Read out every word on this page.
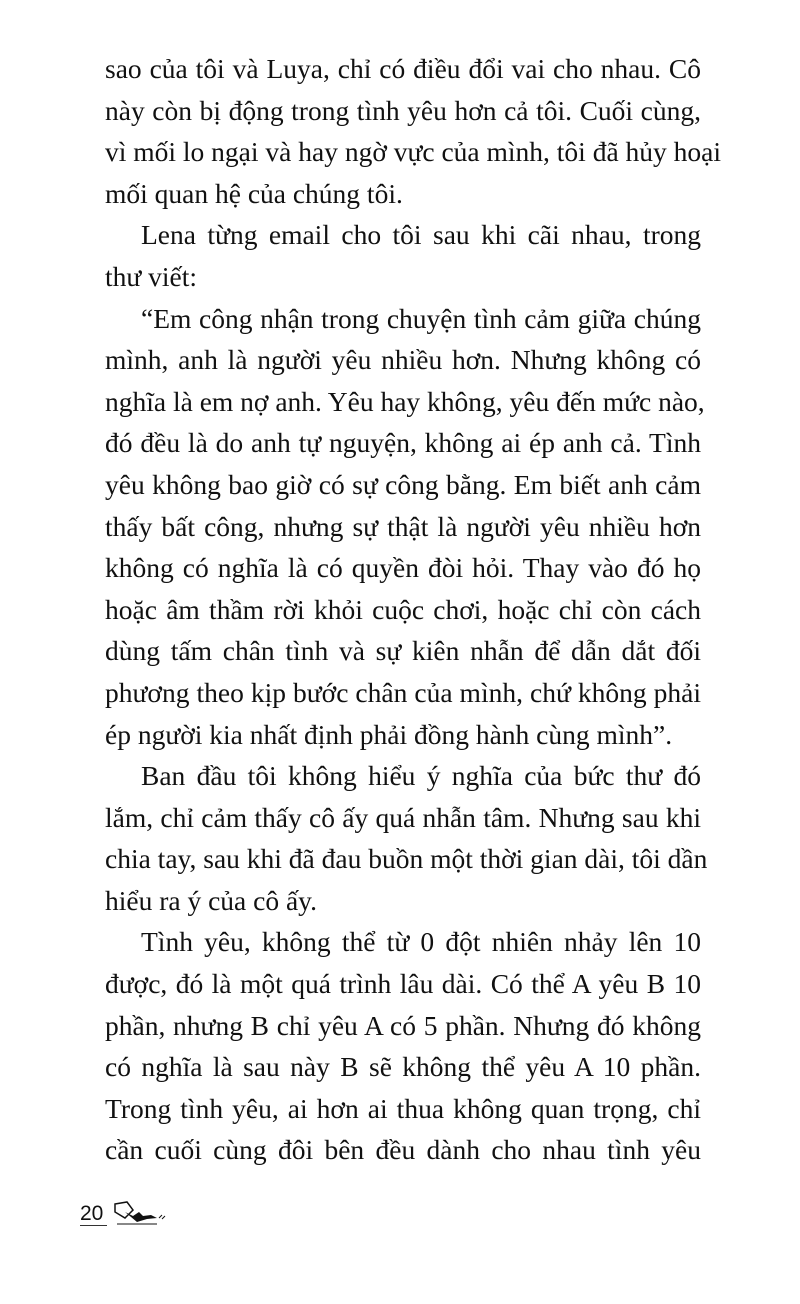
sao của tôi và Luya, chỉ có điều đổi vai cho nhau. Cô
này còn bị động trong tình yêu hơn cả tôi. Cuối cùng,
vì mối lo ngại và hay ngờ vực của mình, tôi đã hủy hoại
mối quan hệ của chúng tôi.
Lena từng email cho tôi sau khi cãi nhau, trong
thư viết:
“Em công nhận trong chuyện tình cảm giữa chúng
mình, anh là người yêu nhiều hơn. Nhưng không có
nghĩa là em nợ anh. Yêu hay không, yêu đến mức nào,
đó đều là do anh tự nguyện, không ai ép anh cả. Tình
yêu không bao giờ có sự công bằng. Em biết anh cảm
thấy bất công, nhưng sự thật là người yêu nhiều hơn
không có nghĩa là có quyền đòi hỏi. Thay vào đó họ
hoặc âm thầm rời khỏi cuộc chơi, hoặc chỉ còn cách
dùng tấm chân tình và sự kiên nhẫn để dẫn dắt đối
phương theo kịp bước chân của mình, chứ không phải
ép người kia nhất định phải đồng hành cùng mình”.
Ban đầu tôi không hiểu ý nghĩa của bức thư đó
lắm, chỉ cảm thấy cô ấy quá nhẫn tâm. Nhưng sau khi
chia tay, sau khi đã đau buồn một thời gian dài, tôi dần
hiểu ra ý của cô ấy.
Tình yêu, không thể từ 0 đột nhiên nhảy lên 10
được, đó là một quá trình lâu dài. Có thể A yêu B 10
phần, nhưng B chỉ yêu A có 5 phần. Nhưng đó không
có nghĩa là sau này B sẽ không thể yêu A 10 phần.
Trong tình yêu, ai hơn ai thua không quan trọng, chỉ
cần cuối cùng đôi bên đều dành cho nhau tình yêu
20
